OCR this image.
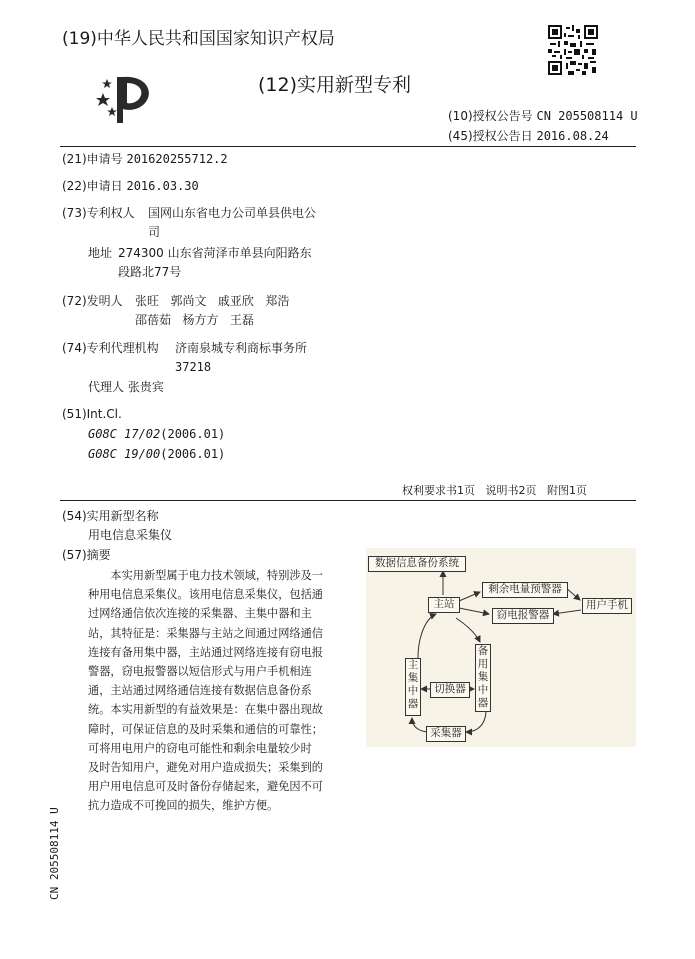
(19)中华人民共和国国家知识产权局
(12)实用新型专利
(10)授权公告号 CN 205508114 U
(45)授权公告日 2016.08.24
(21)申请号 201620255712.2
(22)申请日 2016.03.30
(73)专利权人 国网山东省电力公司单县供电公
司
地址 274300 山东省菏泽市单县向阳路东
段路北77号
(72)发明人 张旺   郭尚文   戚亚欣   郑浩
邵蓓茹   杨方方   王磊
(74)专利代理机构 济南泉城专利商标事务所
37218
代理人 张贵宾
(51)Int.Cl.
G08C 17/02(2006.01)
G08C 19/00(2006.01)
权利要求书1页   说明书2页   附图1页
(54)实用新型名称
用电信息采集仪
(57)摘要

本实用新型属于电力技术领域，特别涉及一

种用电信息采集仪。该用电信息采集仪，包括通

过网络通信依次连接的采集器、主集中器和主

站，其特征是：采集器与主站之间通过网络通信

连接有备用集中器，主站通过网络连接有窃电报

警器，窃电报警器以短信形式与用户手机相连

通，主站通过网络通信连接有数据信息备份系

统。本实用新型的有益效果是：在集中器出现故

障时，可保证信息的及时采集和通信的可靠性；

可将用电用户的窃电可能性和剩余电量较少时

及时告知用户，避免对用户造成损失；采集到的

用户用电信息可及时备份存储起来，避免因不可

抗力造成不可挽回的损失，维护方便。

数据信息备份系统
主站
剩余电量预警器
窃电报警器
用户手机
主集中器
备用集中器
切换器
采集器
CN 205508114 U
